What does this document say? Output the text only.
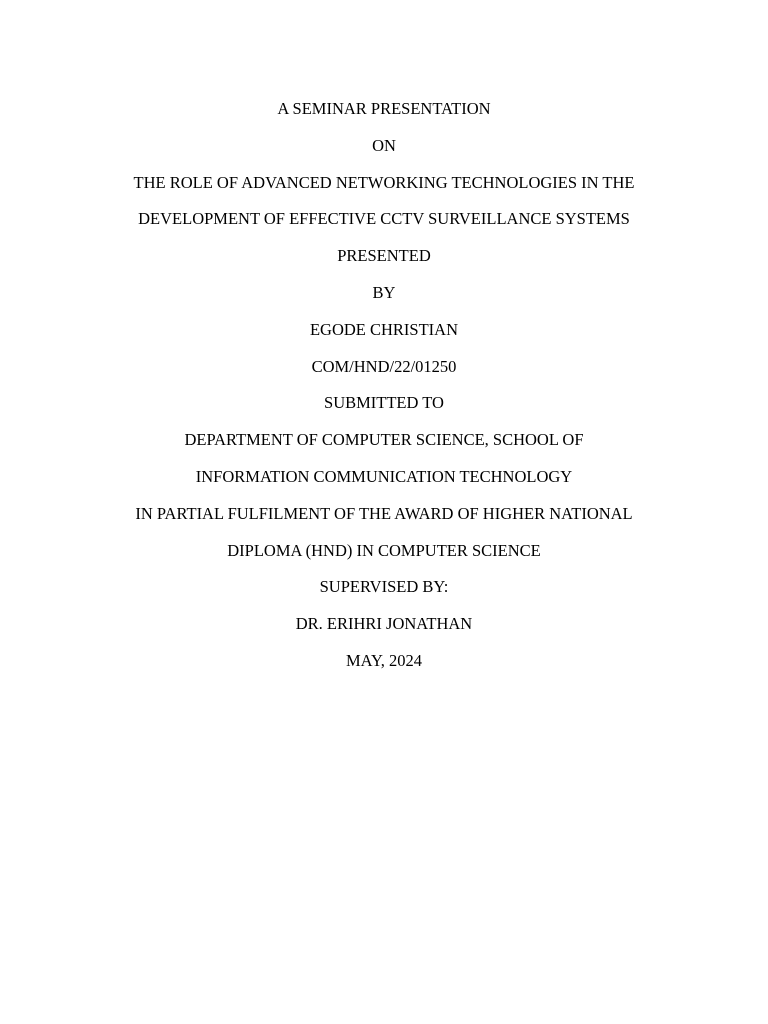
A SEMINAR PRESENTATION
ON
THE ROLE OF ADVANCED NETWORKING TECHNOLOGIES IN THE
DEVELOPMENT OF EFFECTIVE CCTV SURVEILLANCE SYSTEMS
PRESENTED
BY
EGODE CHRISTIAN
COM/HND/22/01250
SUBMITTED TO
DEPARTMENT OF COMPUTER SCIENCE, SCHOOL OF
INFORMATION COMMUNICATION TECHNOLOGY
IN PARTIAL FULFILMENT OF THE AWARD OF HIGHER NATIONAL
DIPLOMA (HND) IN COMPUTER SCIENCE
SUPERVISED BY:
DR. ERIHRI JONATHAN
MAY, 2024
